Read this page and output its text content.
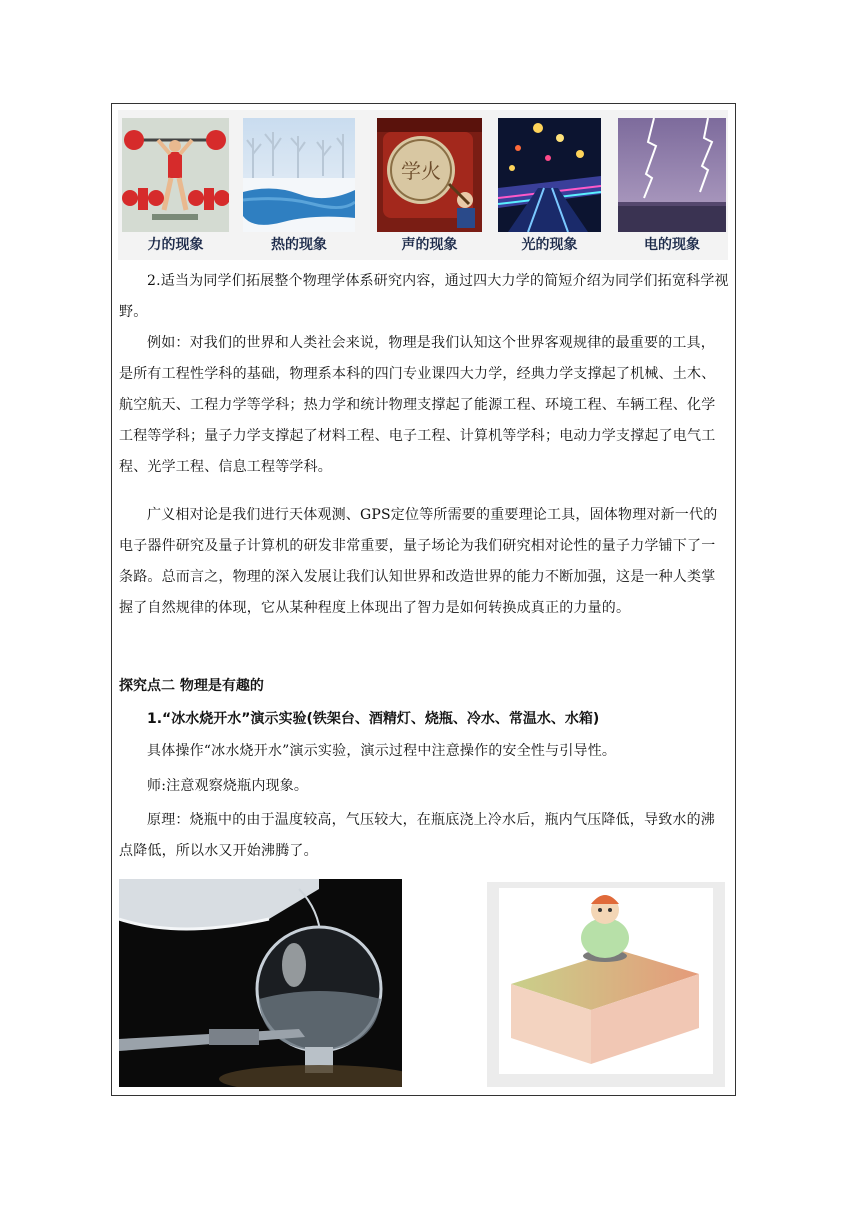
力的现象	热的现象
学火
声的现象	光的现象	电的现象

2.适当为同学们拓展整个物理学体系研究内容，通过四大力学的简短介绍为同学们拓宽科学视野。

例如：对我们的世界和人类社会来说，物理是我们认知这个世界客观规律的最重要的工具，是所有工程性学科的基础，物理系本科的四门专业课四大力学，经典力学支撑起了机械、土木、航空航天、工程力学等学科；热力学和统计物理支撑起了能源工程、环境工程、车辆工程、化学工程等学科；量子力学支撑起了材料工程、电子工程、计算机等学科；电动力学支撑起了电气工程、光学工程、信息工程等学科。

广义相对论是我们进行天体观测、GPS定位等所需要的重要理论工具，固体物理对新一代的电子器件研究及量子计算机的研发非常重要，量子场论为我们研究相对论性的量子力学铺下了一条路。总而言之，物理的深入发展让我们认知世界和改造世界的能力不断加强，这是一种人类掌握了自然规律的体现，它从某种程度上体现出了智力是如何转换成真正的力量的。

探究点二 物理是有趣的
1.“冰水烧开水”演示实验(铁架台、酒精灯、烧瓶、冷水、常温水、水箱)

具体操作“冰水烧开水”演示实验，演示过程中注意操作的安全性与引导性。

师:注意观察烧瓶内现象。

原理：烧瓶中的由于温度较高，气压较大，在瓶底浇上冷水后，瓶内气压降低，导致水的沸点降低，所以水又开始沸腾了。
